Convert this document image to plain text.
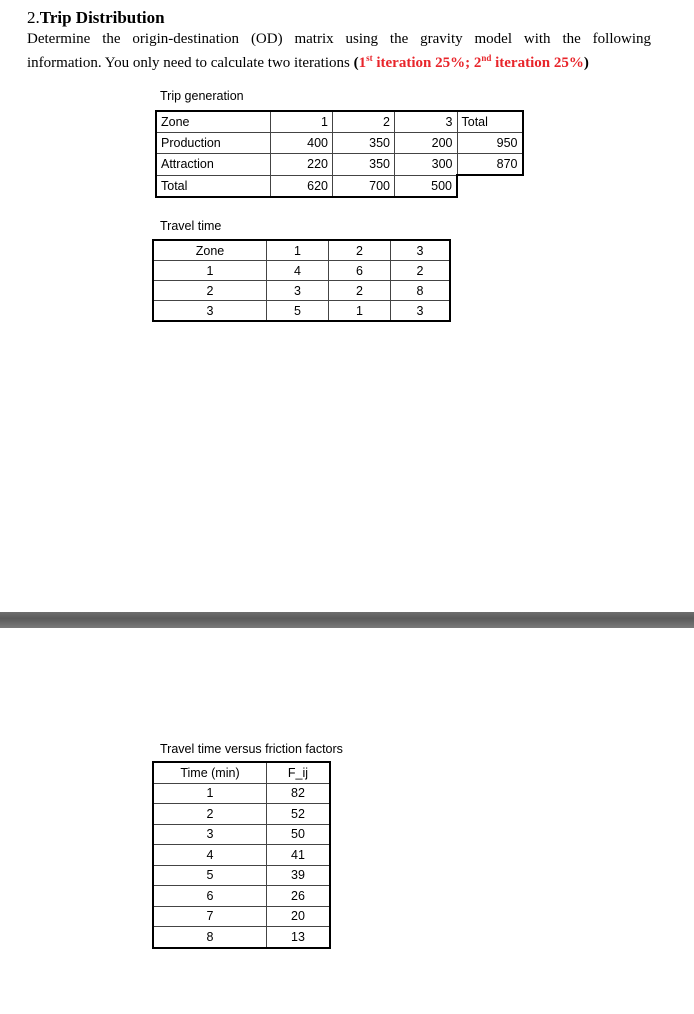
2.Trip Distribution
Determine the origin-destination (OD) matrix using the gravity model with the following
information. You only need to calculate two iterations (1st iteration 25%; 2nd iteration 25%)
Trip generation
Zone	1	2	3	Total
Production	400	350	200	950
Attraction	220	350	300	870
Total	620	700	500	
Travel time
Zone	1	2	3
1	4	6	2
2	3	2	8
3	5	1	3
Travel time versus friction factors
Time (min)	F_ij
1	82
2	52
3	50
4	41
5	39
6	26
7	20
8	13
